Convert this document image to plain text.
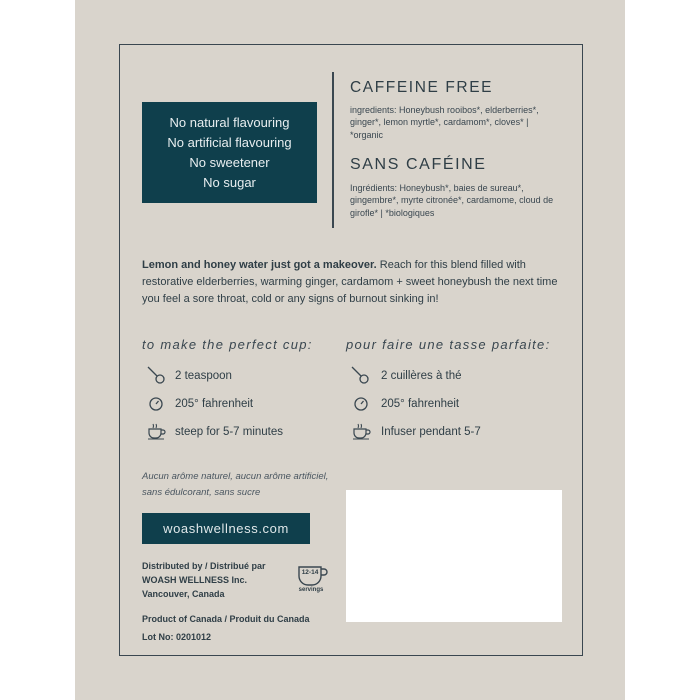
No natural flavouring
No artificial flavouring
No sweetener
No sugar
CAFFEINE FREE
ingredients: Honeybush rooibos*, elderberries*, ginger*, lemon myrtle*, cardamom*, cloves* | *organic
SANS CAFÉINE
Ingrédients: Honeybush*, baies de sureau*, gingembre*, myrte citronée*, cardamome, cloud de girofle* | *biologiques
Lemon and honey water just got a makeover. Reach for this blend filled with restorative elderberries, warming ginger, cardamom + sweet honeybush the next time you feel a sore throat, cold or any signs of burnout sinking in!
to make the perfect cup:	pour faire une tasse parfaite:
2 teaspoon
205° fahrenheit
steep for 5-7 minutes
2 cuillères à thé
205° fahrenheit
Infuser pendant 5-7
Aucun arôme naturel, aucun arôme artificiel, sans édulcorant, sans sucre
woashwellness.com
Distributed by / Distribué par
WOASH WELLNESS Inc.
Vancouver, Canada
12-14
servings
Product of Canada / Produit du Canada
Lot No: 0201012
